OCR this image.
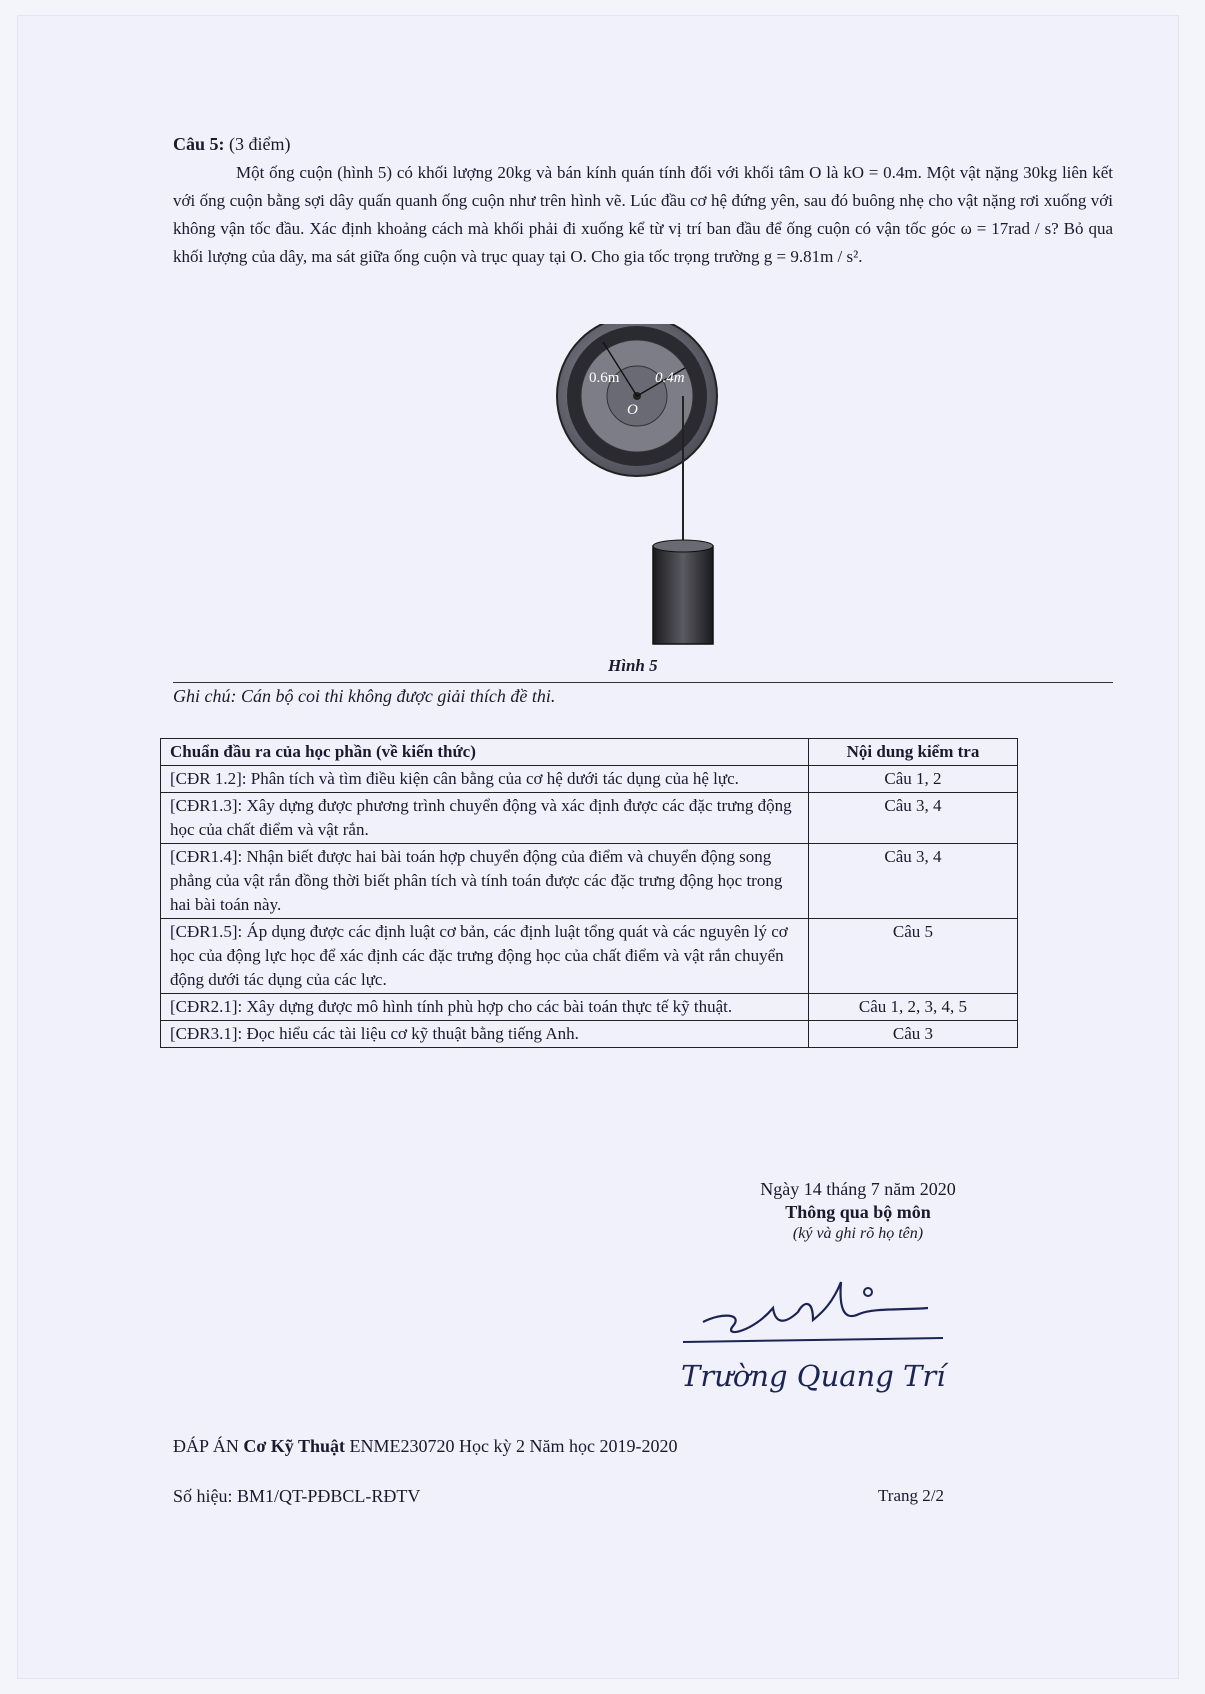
Câu 5: (3 điểm)

Một ống cuộn (hình 5) có khối lượng 20kg và bán kính quán tính đối với khối tâm O là kO = 0.4m. Một vật nặng 30kg liên kết với ống cuộn bằng sợi dây quấn quanh ống cuộn như trên hình vẽ. Lúc đầu cơ hệ đứng yên, sau đó buông nhẹ cho vật nặng rơi xuống với không vận tốc đầu. Xác định khoảng cách mà khối phải đi xuống kể từ vị trí ban đầu để ống cuộn có vận tốc góc ω = 17rad / s? Bỏ qua khối lượng của dây, ma sát giữa ống cuộn và trục quay tại O. Cho gia tốc trọng trường g = 9.81m / s².

0.6m 0.4m
O
Hình 5
Ghi chú: Cán bộ coi thi không được giải thích đề thi.
Chuẩn đầu ra của học phần (về kiến thức)	Nội dung kiểm tra
[CĐR 1.2]: Phân tích và tìm điều kiện cân bằng của cơ hệ dưới tác dụng của hệ lực.	Câu 1, 2
[CĐR1.3]: Xây dựng được phương trình chuyển động và xác định được các đặc trưng động học của chất điểm và vật rắn.	Câu 3, 4
[CĐR1.4]: Nhận biết được hai bài toán hợp chuyển động của điểm và chuyển động song phẳng của vật rắn đồng thời biết phân tích và tính toán được các đặc trưng động học trong hai bài toán này.	Câu 3, 4
[CĐR1.5]: Áp dụng được các định luật cơ bản, các định luật tổng quát và các nguyên lý cơ học của động lực học để xác định các đặc trưng động học của chất điểm và vật rắn chuyển động dưới tác dụng của các lực.	Câu 5
[CĐR2.1]: Xây dựng được mô hình tính phù hợp cho các bài toán thực tế kỹ thuật.	Câu 1, 2, 3, 4, 5
[CĐR3.1]: Đọc hiểu các tài liệu cơ kỹ thuật bằng tiếng Anh.	Câu 3
Ngày 14 tháng 7 năm 2020
Thông qua bộ môn
(ký và ghi rõ họ tên)
Trường Quang Trí
ĐÁP ÁN Cơ Kỹ Thuật ENME230720 Học kỳ 2 Năm học 2019-2020
Số hiệu: BM1/QT-PĐBCL-RĐTV	Trang 2/2
